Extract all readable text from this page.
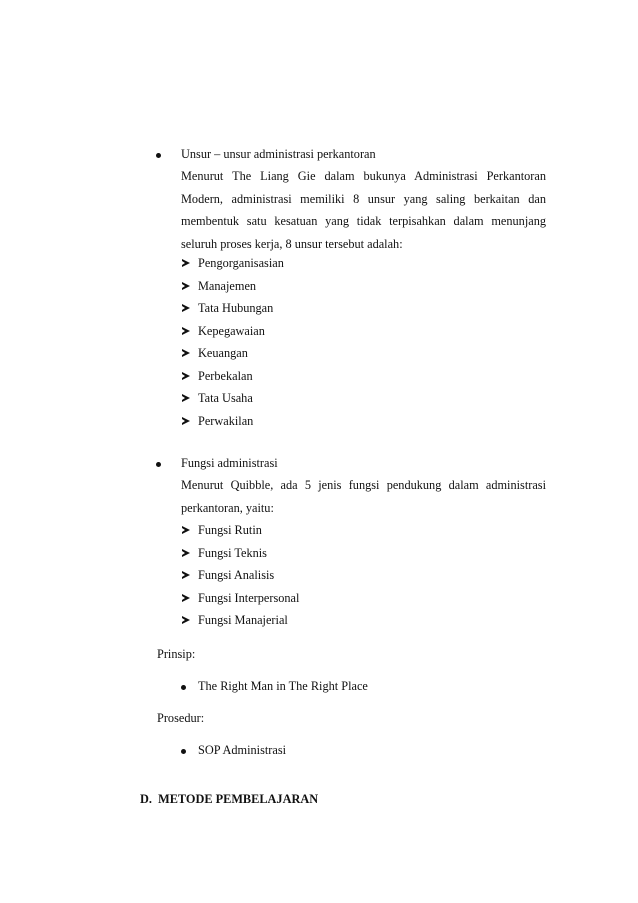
Unsur – unsur administrasi perkantoran
Menurut The Liang Gie dalam bukunya Administrasi Perkantoran
Modern, administrasi memiliki 8 unsur yang saling berkaitan dan
membentuk satu kesatuan yang tidak terpisahkan dalam menunjang
seluruh proses kerja, 8 unsur tersebut adalah:
Pengorganisasian
Manajemen
Tata Hubungan
Kepegawaian
Keuangan
Perbekalan
Tata Usaha
Perwakilan
Fungsi administrasi
Menurut Quibble, ada 5 jenis fungsi pendukung dalam administrasi
perkantoran, yaitu:
Fungsi Rutin
Fungsi Teknis
Fungsi Analisis
Fungsi Interpersonal
Fungsi Manajerial
Prinsip:
The Right Man in The Right Place
Prosedur:
SOP Administrasi
D.  METODE PEMBELAJARAN
